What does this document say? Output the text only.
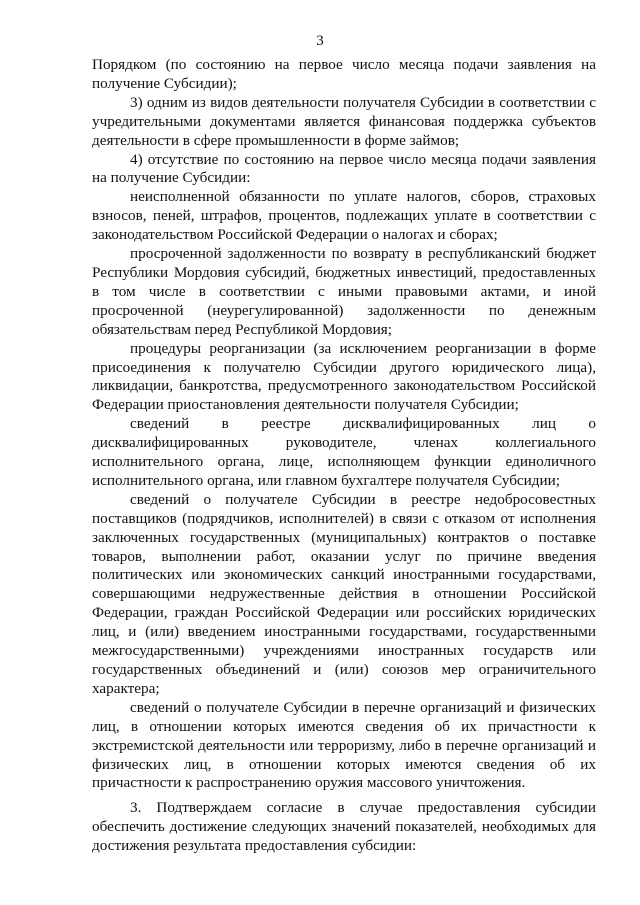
3

Порядком (по состоянию на первое число месяца подачи заявления на получение Субсидии);

3) одним из видов деятельности получателя Субсидии в соответствии с учредительными документами является финансовая поддержка субъектов деятельности в сфере промышленности в форме займов;

4) отсутствие по состоянию на первое число месяца подачи заявления на получение Субсидии:

неисполненной обязанности по уплате налогов, сборов, страховых взносов, пеней, штрафов, процентов, подлежащих уплате в соответствии с законодательством Российской Федерации о налогах и сборах;

просроченной задолженности по возврату в республиканский бюджет Республики Мордовия субсидий, бюджетных инвестиций, предоставленных в том числе в соответствии с иными правовыми актами, и иной просроченной (неурегулированной) задолженности по денежным обязательствам перед Республикой Мордовия;

процедуры реорганизации (за исключением реорганизации в форме присоединения к получателю Субсидии другого юридического лица), ликвидации, банкротства, предусмотренного законодательством Российской Федерации приостановления деятельности получателя Субсидии;

сведений в реестре дисквалифицированных лиц о дисквалифицированных руководителе, членах коллегиального исполнительного органа, лице, исполняющем функции единоличного исполнительного органа, или главном бухгалтере получателя Субсидии;

сведений о получателе Субсидии в реестре недобросовестных поставщиков (подрядчиков, исполнителей) в связи с отказом от исполнения заключенных государственных (муниципальных) контрактов о поставке товаров, выполнении работ, оказании услуг по причине введения политических или экономических санкций иностранными государствами, совершающими недружественные действия в отношении Российской Федерации, граждан Российской Федерации или российских юридических лиц, и (или) введением иностранными государствами, государственными межгосударственными) учреждениями иностранных государств или государственных объединений и (или) союзов мер ограничительного характера;

сведений о получателе Субсидии в перечне организаций и физических лиц, в отношении которых имеются сведения об их причастности к экстремистской деятельности или терроризму, либо в перечне организаций и физических лиц, в отношении которых имеются сведения об их причастности к распространению оружия массового уничтожения.

3. Подтверждаем согласие в случае предоставления субсидии обеспечить достижение следующих значений показателей, необходимых для достижения результата предоставления субсидии:
